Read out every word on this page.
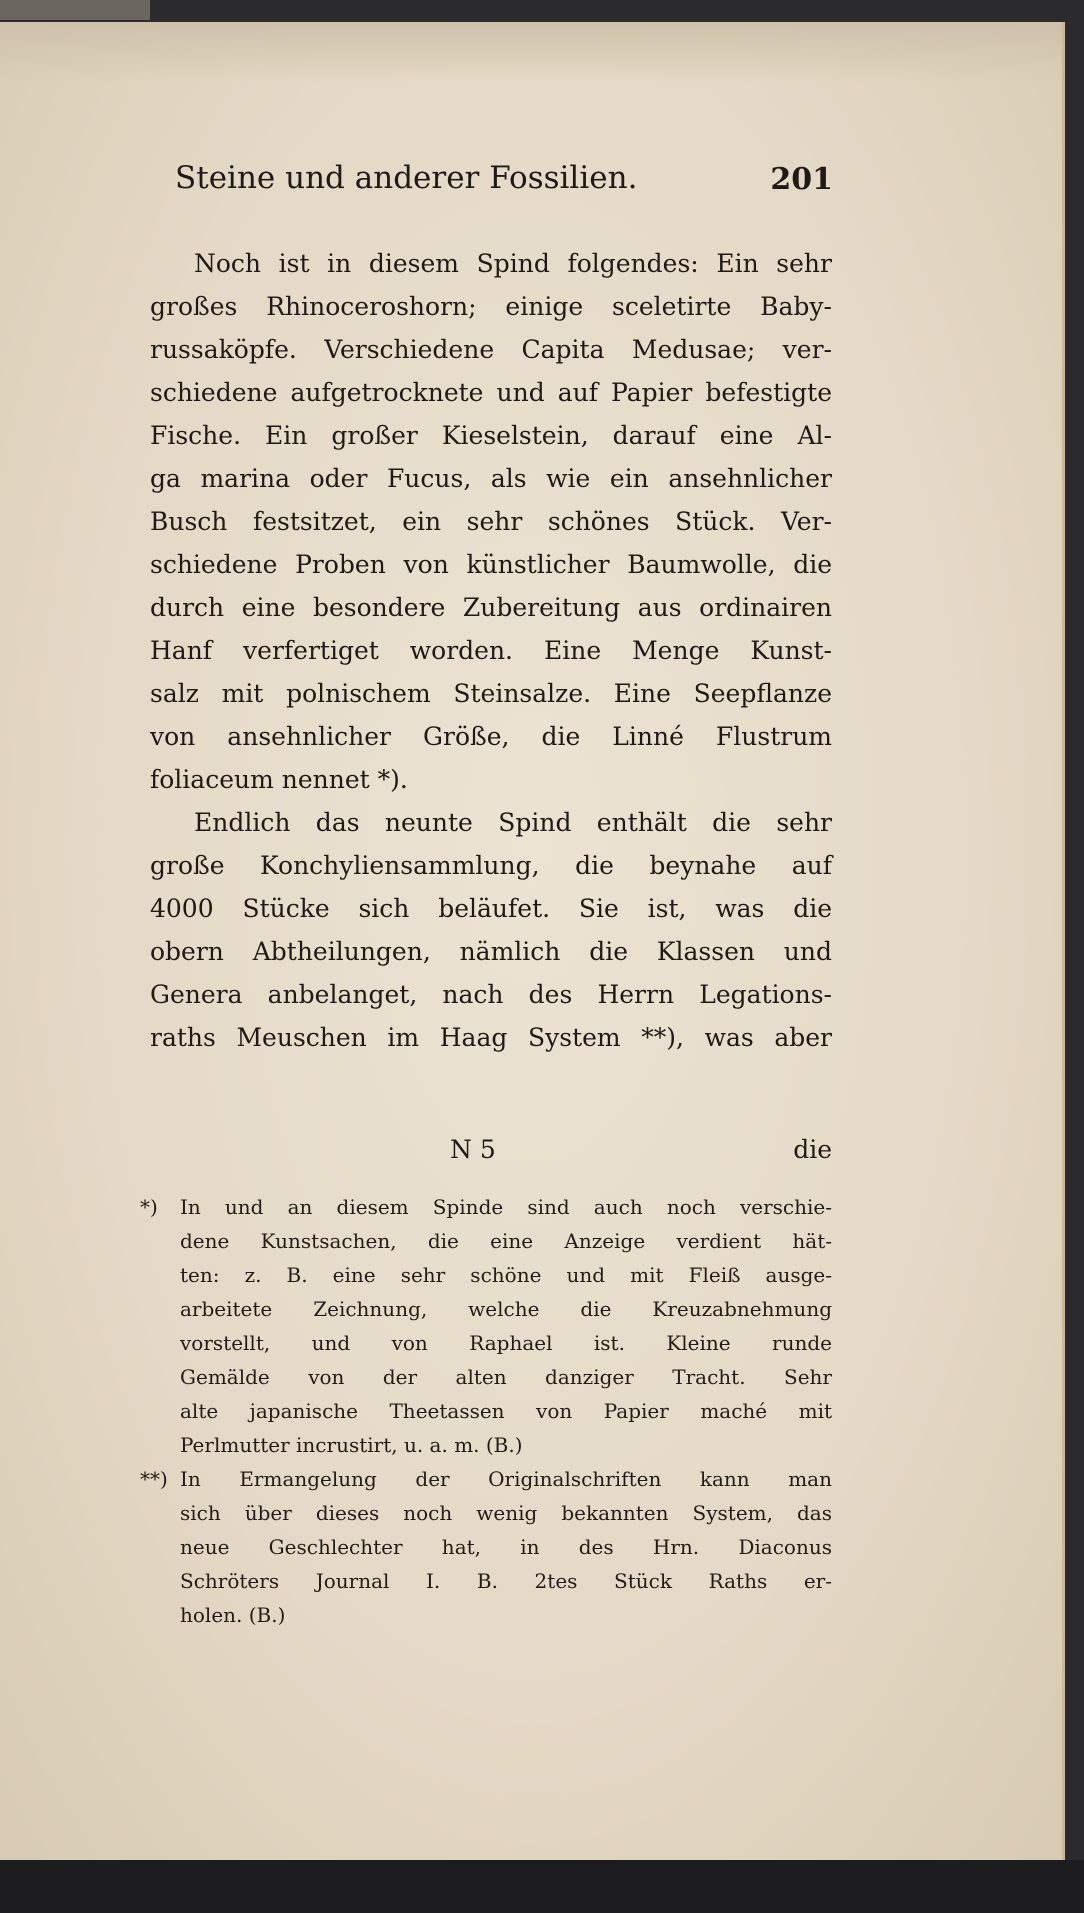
Steine und anderer Fossilien.	201
Noch ist in diesem Spind folgendes: Ein sehr
großes Rhinoceroshorn; einige sceletirte Baby-
russaköpfe. Verschiedene Capita Medusae; ver-
schiedene aufgetrocknete und auf Papier befestigte
Fische. Ein großer Kieselstein, darauf eine Al-
ga marina oder Fucus, als wie ein ansehnlicher
Busch festsitzet, ein sehr schönes Stück. Ver-
schiedene Proben von künstlicher Baumwolle, die
durch eine besondere Zubereitung aus ordinairen
Hanf verfertiget worden. Eine Menge Kunst-
salz mit polnischem Steinsalze. Eine Seepflanze
von ansehnlicher Größe, die Linné Flustrum
foliaceum nennet *).
Endlich das neunte Spind enthält die sehr
große Konchyliensammlung, die beynahe auf
4000 Stücke sich beläufet. Sie ist, was die
obern Abtheilungen, nämlich die Klassen und
Genera anbelanget, nach des Herrn Legations-
raths Meuschen im Haag System **), was aber
N 5	die
*) In und an diesem Spinde sind auch noch verschie-
dene Kunstsachen, die eine Anzeige verdient hät-
ten: z. B. eine sehr schöne und mit Fleiß ausge-
arbeitete Zeichnung, welche die Kreuzabnehmung
vorstellt, und von Raphael ist. Kleine runde
Gemälde von der alten danziger Tracht. Sehr
alte japanische Theetassen von Papier maché mit
Perlmutter incrustirt, u. a. m. (B.)
**) In Ermangelung der Originalschriften kann man
sich über dieses noch wenig bekannten System, das
neue Geschlechter hat, in des Hrn. Diaconus
Schröters Journal I. B. 2tes Stück Raths er-
holen. (B.)
